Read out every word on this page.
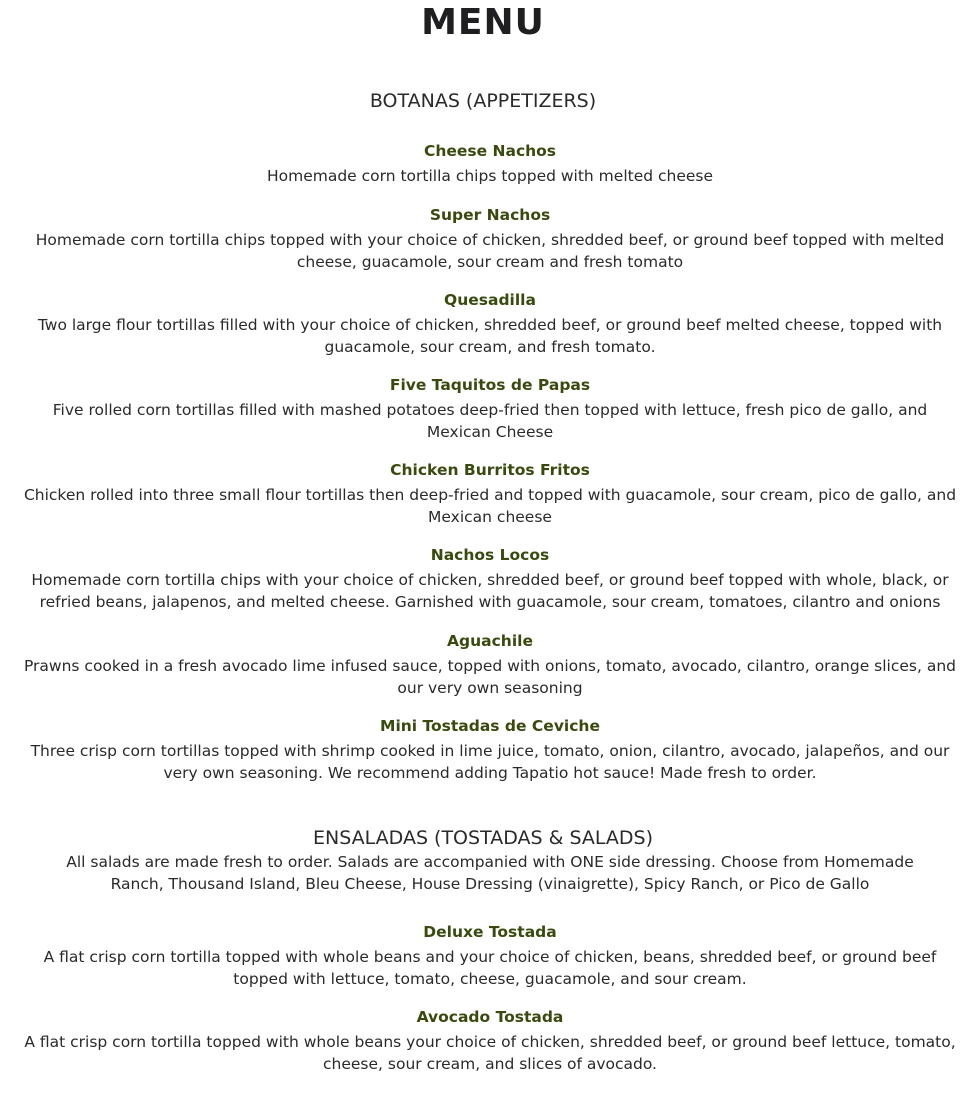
MENU
BOTANAS (APPETIZERS)

Cheese Nachos

Homemade corn tortilla chips topped with melted cheese

Super Nachos

Homemade corn tortilla chips topped with your choice of chicken, shredded beef, or ground beef topped with melted cheese, guacamole, sour cream and fresh tomato

Quesadilla

Two large flour tortillas filled with your choice of chicken, shredded beef, or ground beef melted cheese, topped with guacamole, sour cream, and fresh tomato.

Five Taquitos de Papas

Five rolled corn tortillas filled with mashed potatoes deep-fried then topped with lettuce, fresh pico de gallo, and Mexican Cheese

Chicken Burritos Fritos

Chicken rolled into three small flour tortillas then deep-fried and topped with guacamole, sour cream, pico de gallo, and Mexican cheese

Nachos Locos

Homemade corn tortilla chips with your choice of chicken, shredded beef, or ground beef topped with whole, black, or refried beans, jalapenos, and melted cheese. Garnished with guacamole, sour cream, tomatoes, cilantro and onions

Aguachile

Prawns cooked in a fresh avocado lime infused sauce, topped with onions, tomato, avocado, cilantro, orange slices, and our very own seasoning

Mini Tostadas de Ceviche

Three crisp corn tortillas topped with shrimp cooked in lime juice, tomato, onion, cilantro, avocado, jalapeños, and our very own seasoning. We recommend adding Tapatio hot sauce! Made fresh to order.

ENSALADAS (TOSTADAS & SALADS)

All salads are made fresh to order. Salads are accompanied with ONE side dressing. Choose from Homemade Ranch, Thousand Island, Bleu Cheese, House Dressing (vinaigrette), Spicy Ranch, or Pico de Gallo

Deluxe Tostada

A flat crisp corn tortilla topped with whole beans and your choice of chicken, beans, shredded beef, or ground beef topped with lettuce, tomato, cheese, guacamole, and sour cream.

Avocado Tostada

A flat crisp corn tortilla topped with whole beans your choice of chicken, shredded beef, or ground beef lettuce, tomato, cheese, sour cream, and slices of avocado.
